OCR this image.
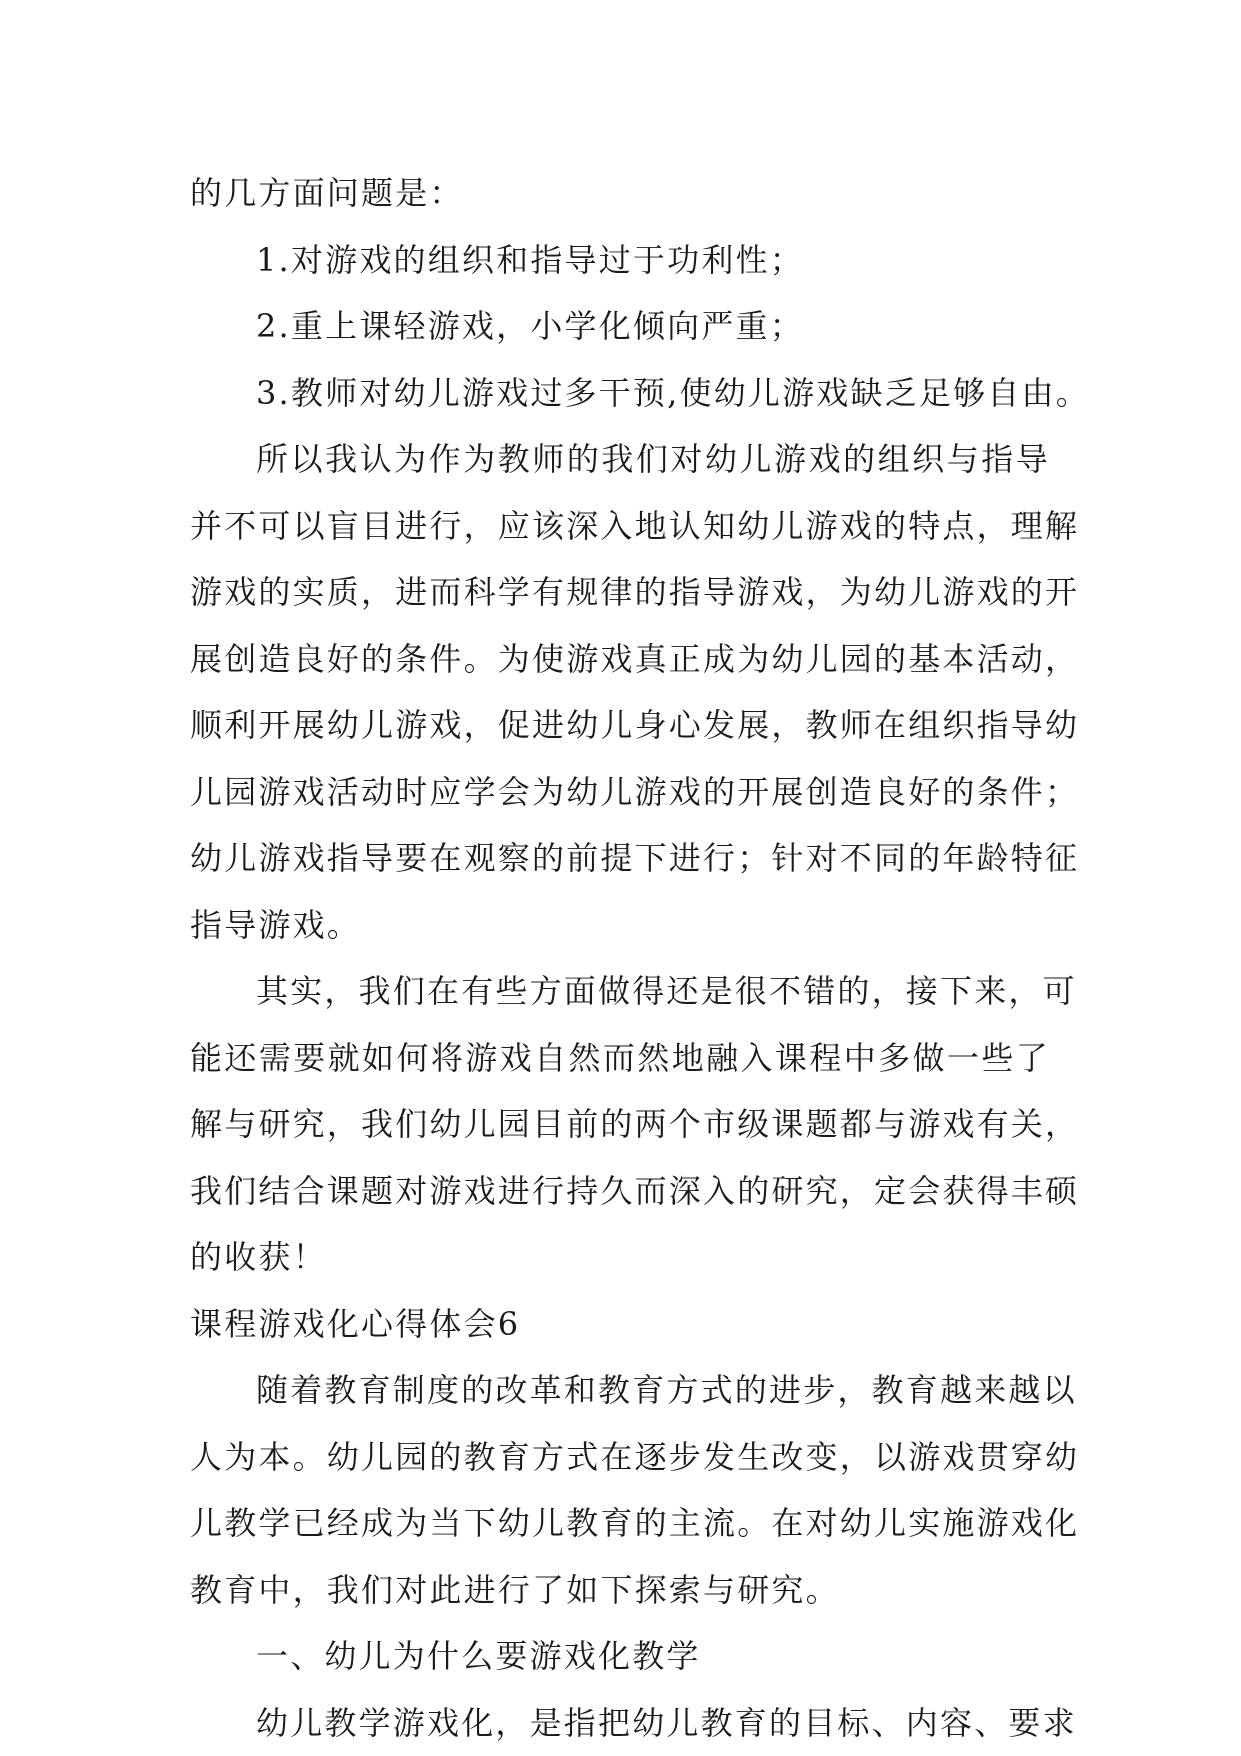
的几方面问题是：
1.对游戏的组织和指导过于功利性；
2.重上课轻游戏，小学化倾向严重；
3.教师对幼儿游戏过多干预,使幼儿游戏缺乏足够自由。
所以我认为作为教师的我们对幼儿游戏的组织与指导
并不可以盲目进行，应该深入地认知幼儿游戏的特点，理解
游戏的实质，进而科学有规律的指导游戏，为幼儿游戏的开
展创造良好的条件。为使游戏真正成为幼儿园的基本活动，
顺利开展幼儿游戏，促进幼儿身心发展，教师在组织指导幼
儿园游戏活动时应学会为幼儿游戏的开展创造良好的条件；
幼儿游戏指导要在观察的前提下进行；针对不同的年龄特征
指导游戏。
其实，我们在有些方面做得还是很不错的，接下来，可
能还需要就如何将游戏自然而然地融入课程中多做一些了
解与研究，我们幼儿园目前的两个市级课题都与游戏有关，
我们结合课题对游戏进行持久而深入的研究，定会获得丰硕
的收获！
课程游戏化心得体会6
随着教育制度的改革和教育方式的进步，教育越来越以
人为本。幼儿园的教育方式在逐步发生改变，以游戏贯穿幼
儿教学已经成为当下幼儿教育的主流。在对幼儿实施游戏化
教育中，我们对此进行了如下探索与研究。
一、幼儿为什么要游戏化教学
幼儿教学游戏化，是指把幼儿教育的目标、内容、要求
